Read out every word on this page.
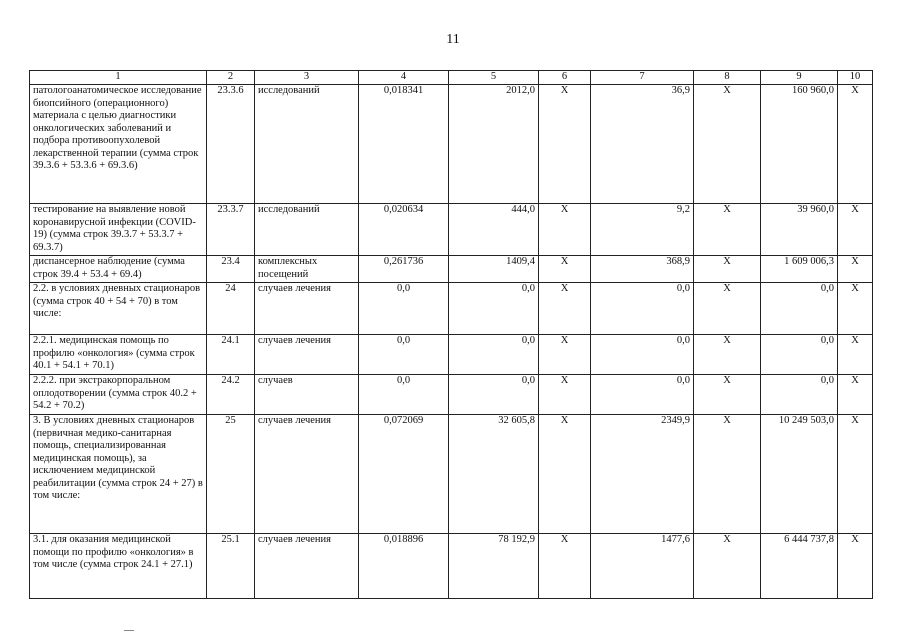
11
1	2	3	4	5	6	7	8	9	10
патологоанатомическое исследование биопсийного (операционного) материала с целью диагностики онкологических заболеваний и подбора противоопухолевой лекарственной терапии (сумма строк 39.3.6 + 53.3.6 + 69.3.6)	23.3.6	исследований	0,018341	2012,0	Х	36,9	Х	160 960,0	Х
тестирование на выявление новой коронавирусной инфекции (COVID-19) (сумма строк 39.3.7 + 53.3.7 + 69.3.7)	23.3.7	исследований	0,020634	444,0	Х	9,2	Х	39 960,0	Х
диспансерное наблюдение (сумма строк 39.4 + 53.4 + 69.4)	23.4	комплексных посещений	0,261736	1409,4	Х	368,9	Х	1 609 006,3	Х
2.2. в условиях дневных стационаров (сумма строк 40 + 54 + 70) в том числе:	24	случаев лечения	0,0	0,0	Х	0,0	Х	0,0	Х
2.2.1. медицинская помощь по профилю «онкология» (сумма строк 40.1 + 54.1 + 70.1)	24.1	случаев лечения	0,0	0,0	Х	0,0	Х	0,0	Х
2.2.2. при экстракорпоральном оплодотворении (сумма строк 40.2 + 54.2 + 70.2)	24.2	случаев	0,0	0,0	Х	0,0	Х	0,0	Х
3. В условиях дневных стационаров (первичная медико-санитарная помощь, специализированная медицинская помощь), за исключением медицинской реабилитации (сумма строк 24 + 27) в том числе:	25	случаев лечения	0,072069	32 605,8	Х	2349,9	Х	10 249 503,0	Х
3.1. для оказания медицинской помощи по профилю «онкология» в том числе (сумма строк 24.1 + 27.1)	25.1	случаев лечения	0,018896	78 192,9	Х	1477,6	Х	6 444 737,8	Х
